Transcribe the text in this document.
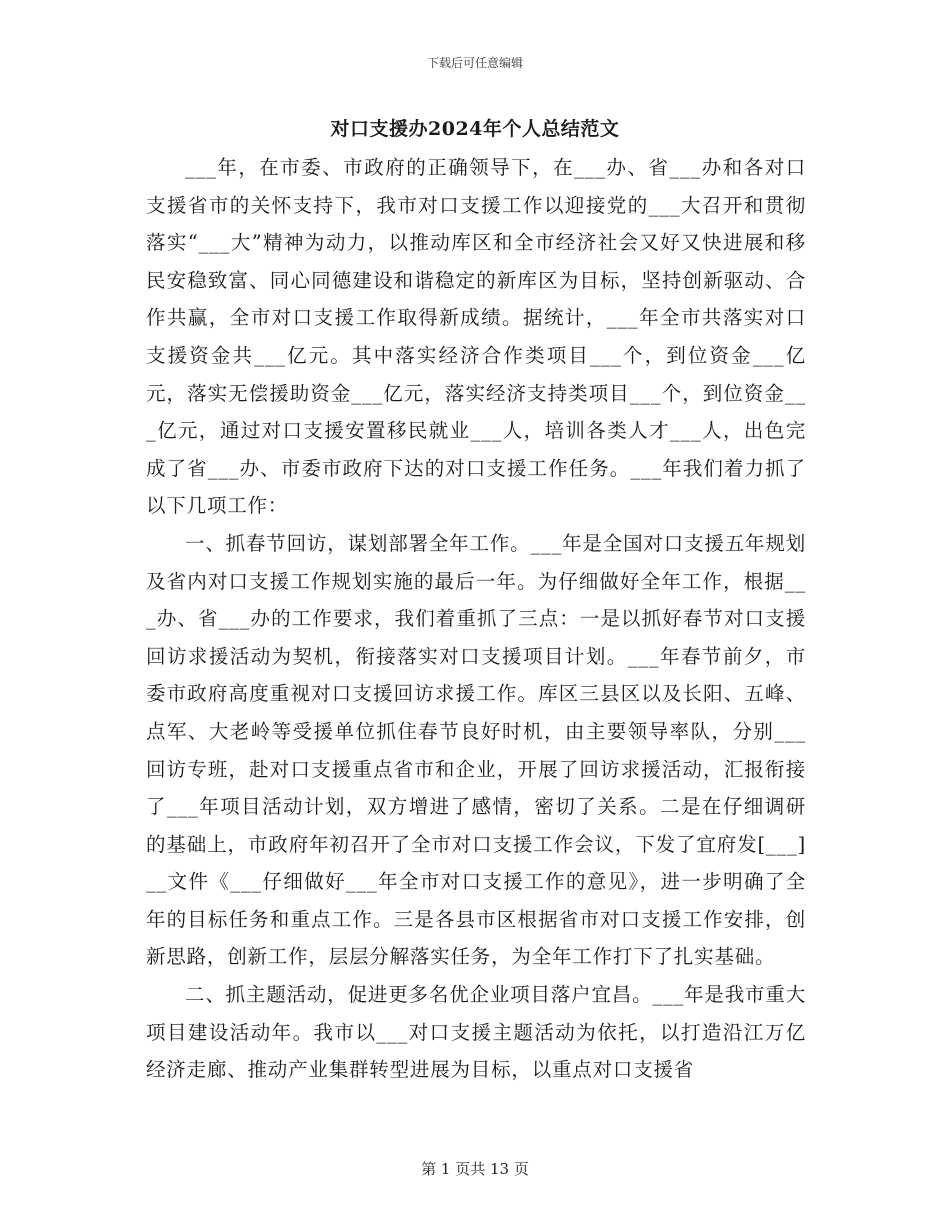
下载后可任意编辑
对口支援办2024年个人总结范文

___年，在市委、市政府的正确领导下，在___办、省___办和各对口支援省市的关怀支持下，我市对口支援工作以迎接党的___大召开和贯彻落实“___大”精神为动力，以推动库区和全市经济社会又好又快进展和移民安稳致富、同心同德建设和谐稳定的新库区为目标，坚持创新驱动、合作共赢，全市对口支援工作取得新成绩。据统计，___年全市共落实对口支援资金共___亿元。其中落实经济合作类项目___个，到位资金___亿元，落实无偿援助资金___亿元，落实经济支持类项目___个，到位资金___亿元，通过对口支援安置移民就业___人，培训各类人才___人，出色完成了省___办、市委市政府下达的对口支援工作任务。___年我们着力抓了以下几项工作：

一、抓春节回访，谋划部署全年工作。___年是全国对口支援五年规划及省内对口支援工作规划实施的最后一年。为仔细做好全年工作，根据___办、省___办的工作要求，我们着重抓了三点：一是以抓好春节对口支援回访求援活动为契机，衔接落实对口支援项目计划。___年春节前夕，市委市政府高度重视对口支援回访求援工作。库区三县区以及长阳、五峰、点军、大老岭等受援单位抓住春节良好时机，由主要领导率队，分别___回访专班，赴对口支援重点省市和企业，开展了回访求援活动，汇报衔接了___年项目活动计划，双方增进了感情，密切了关系。二是在仔细调研的基础上，市政府年初召开了全市对口支援工作会议，下发了宜府发[___]__文件《___仔细做好___年全市对口支援工作的意见》，进一步明确了全年的目标任务和重点工作。三是各县市区根据省市对口支援工作安排，创新思路，创新工作，层层分解落实任务，为全年工作打下了扎实基础。

二、抓主题活动，促进更多名优企业项目落户宜昌。___年是我市重大项目建设活动年。我市以___对口支援主题活动为依托，以打造沿江万亿经济走廊、推动产业集群转型进展为目标，以重点对口支援省

第 1 页共 13 页
